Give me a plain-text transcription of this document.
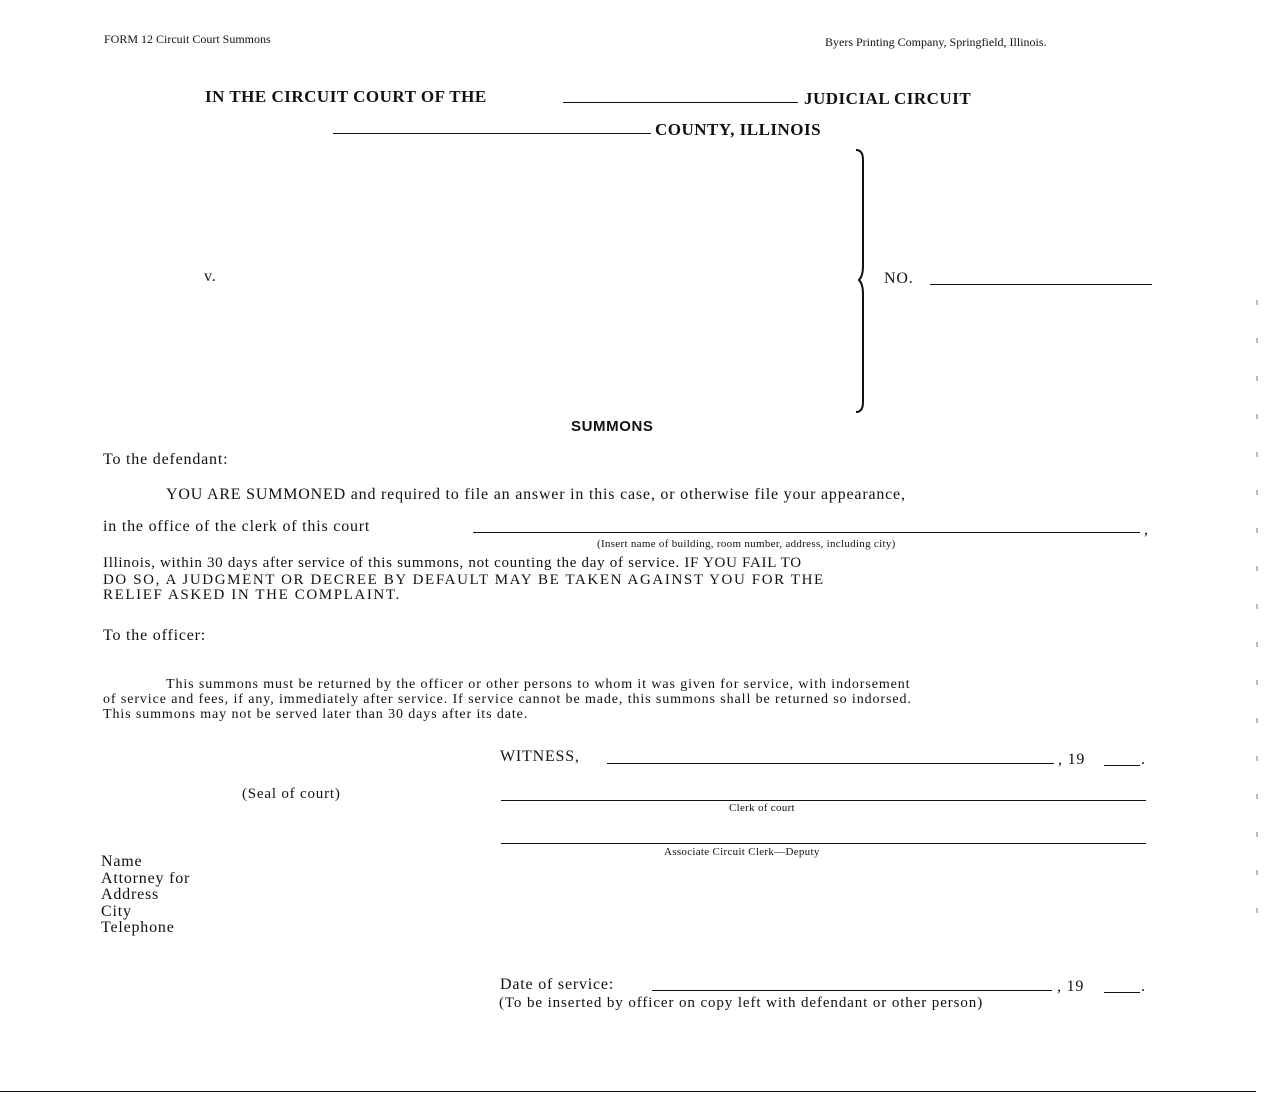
FORM 12 Circuit Court Summons	Byers Printing Company, Springfield, Illinois.
IN THE CIRCUIT COURT OF THE	JUDICIAL CIRCUIT
COUNTY, ILLINOIS
v.	NO.
SUMMONS
To the defendant:
YOU ARE SUMMONED and required to file an answer in this case, or otherwise file your appearance,
in the office of the clerk of this court	,
(Insert name of building, room number, address, including city)
Illinois, within 30 days after service of this summons, not counting the day of service. IF YOU FAIL TO
DO SO, A JUDGMENT OR DECREE BY DEFAULT MAY BE TAKEN AGAINST YOU FOR THE
RELIEF ASKED IN THE COMPLAINT.
To the officer:
This summons must be returned by the officer or other persons to whom it was given for service, with indorsement
of service and fees, if any, immediately after service. If service cannot be made, this summons shall be returned so indorsed.
This summons may not be served later than 30 days after its date.
WITNESS,	, 19	.
(Seal of court)
Clerk of court
Associate Circuit Clerk—Deputy
Name
Attorney for
Address
City
Telephone
Date of service:	, 19	.
(To be inserted by officer on copy left with defendant or other person)
